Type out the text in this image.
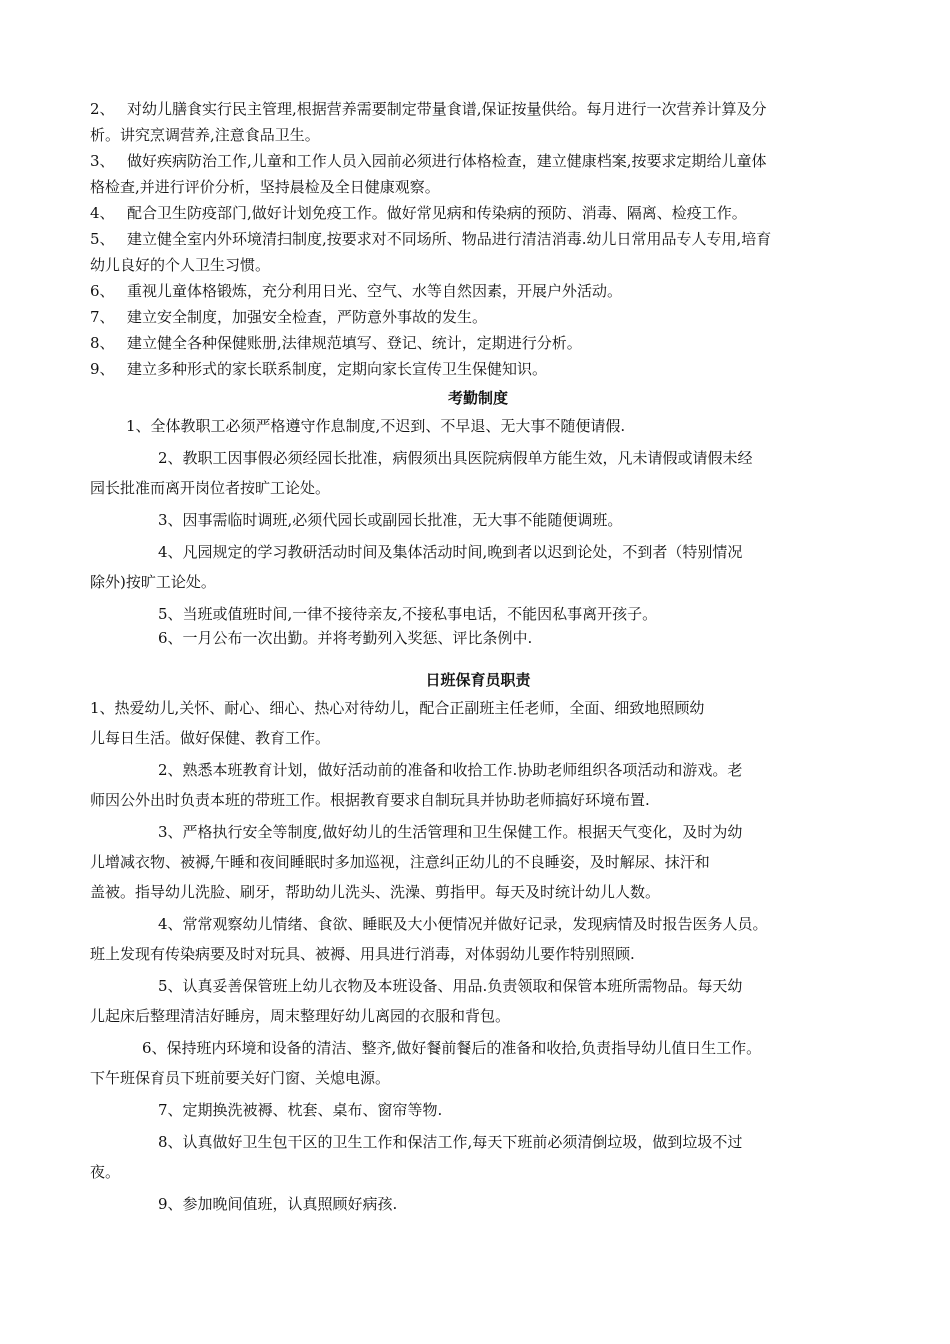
2、 对幼儿膳食实行民主管理,根据营养需要制定带量食谱,保证按量供给。每月进行一次营养计算及分
析。讲究烹调营养,注意食品卫生。
3、 做好疾病防治工作,儿童和工作人员入园前必须进行体格检查，建立健康档案,按要求定期给儿童体
格检查,并进行评价分析，坚持晨检及全日健康观察。
4、 配合卫生防疫部门,做好计划免疫工作。做好常见病和传染病的预防、消毒、隔离、检疫工作。
5、 建立健全室内外环境清扫制度,按要求对不同场所、物品进行清洁消毒.幼儿日常用品专人专用,培育
幼儿良好的个人卫生习惯。
6、 重视儿童体格锻炼，充分利用日光、空气、水等自然因素，开展户外活动。
7、 建立安全制度，加强安全检查，严防意外事故的发生。
8、 建立健全各种保健账册,法律规范填写、登记、统计，定期进行分析。
9、 建立多种形式的家长联系制度，定期向家长宣传卫生保健知识。
考勤制度
1、全体教职工必须严格遵守作息制度,不迟到、不早退、无大事不随便请假.
2、教职工因事假必须经园长批准，病假须出具医院病假单方能生效，凡未请假或请假未经
园长批准而离开岗位者按旷工论处。
3、因事需临时调班,必须代园长或副园长批准，无大事不能随便调班。
4、凡园规定的学习教研活动时间及集体活动时间,晚到者以迟到论处，不到者（特别情况
除外)按旷工论处。
5、当班或值班时间,一律不接待亲友,不接私事电话，不能因私事离开孩子。
6、一月公布一次出勤。并将考勤列入奖惩、评比条例中.
日班保育员职责
1、热爱幼儿,关怀、耐心、细心、热心对待幼儿，配合正副班主任老师，全面、细致地照顾幼
儿每日生活。做好保健、教育工作。
2、熟悉本班教育计划，做好活动前的准备和收拾工作.协助老师组织各项活动和游戏。老
师因公外出时负责本班的带班工作。根据教育要求自制玩具并协助老师搞好环境布置.
3、严格执行安全等制度,做好幼儿的生活管理和卫生保健工作。根据天气变化，及时为幼
儿增减衣物、被褥,午睡和夜间睡眠时多加巡视，注意纠正幼儿的不良睡姿，及时解尿、抹汗和
盖被。指导幼儿洗脸、刷牙，帮助幼儿洗头、洗澡、剪指甲。每天及时统计幼儿人数。
4、常常观察幼儿情绪、食欲、睡眠及大小便情况并做好记录，发现病情及时报告医务人员。
班上发现有传染病要及时对玩具、被褥、用具进行消毒，对体弱幼儿要作特别照顾.
5、认真妥善保管班上幼儿衣物及本班设备、用品.负责领取和保管本班所需物品。每天幼
儿起床后整理清洁好睡房，周末整理好幼儿离园的衣服和背包。
6、保持班内环境和设备的清洁、整齐,做好餐前餐后的准备和收拾,负责指导幼儿值日生工作。
下午班保育员下班前要关好门窗、关熄电源。
7、定期换洗被褥、枕套、桌布、窗帘等物.
8、认真做好卫生包干区的卫生工作和保洁工作,每天下班前必须清倒垃圾，做到垃圾不过
夜。
9、参加晚间值班，认真照顾好病孩.
